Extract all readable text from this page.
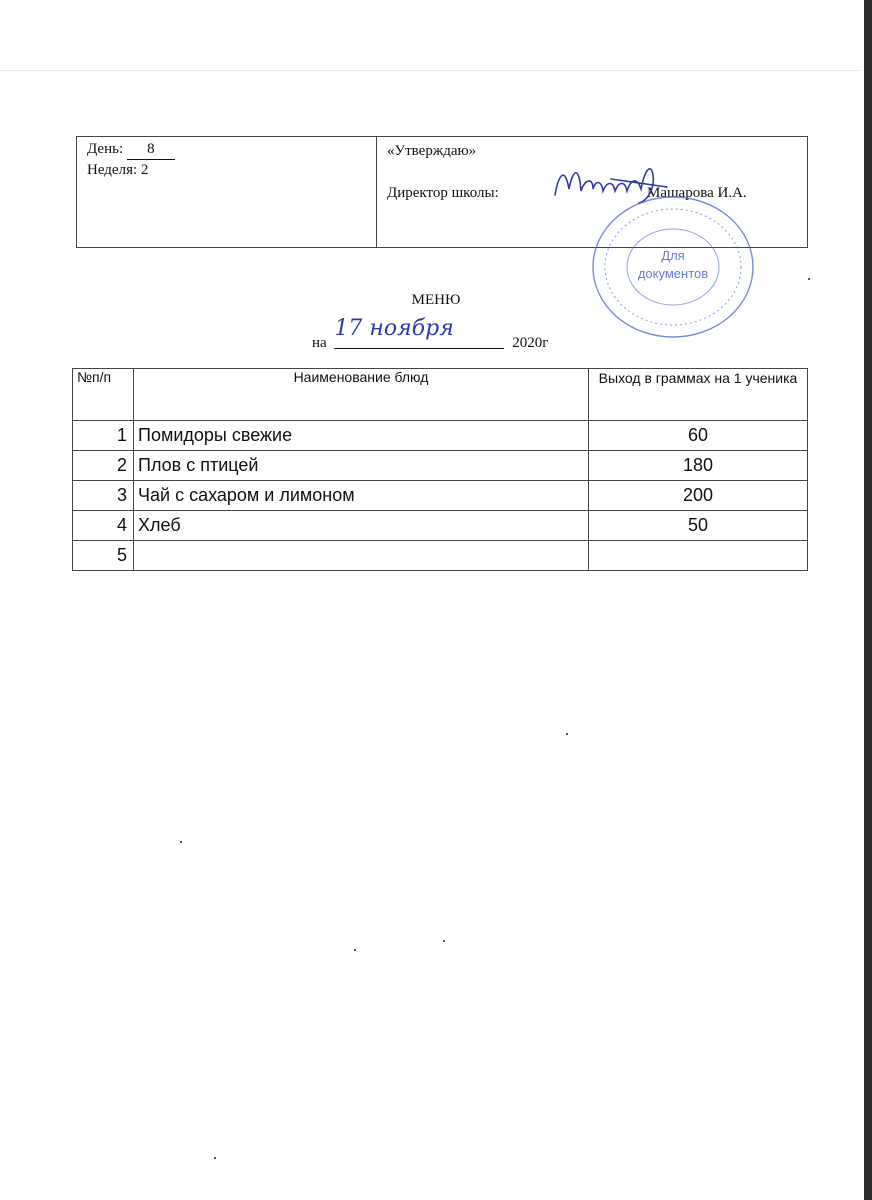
День: 8
Неделя: 2
«Утверждаю»
Директор школы:	Машарова И.А.
Для
документов
МЕНЮ
на
17 ноября
2020г
№п/п	Наименование блюд	Выход в граммах на 1 ученика
1	Помидоры свежие	60
2	Плов с птицей	180
3	Чай с сахаром и лимоном	200
4	Хлеб	50
5		
